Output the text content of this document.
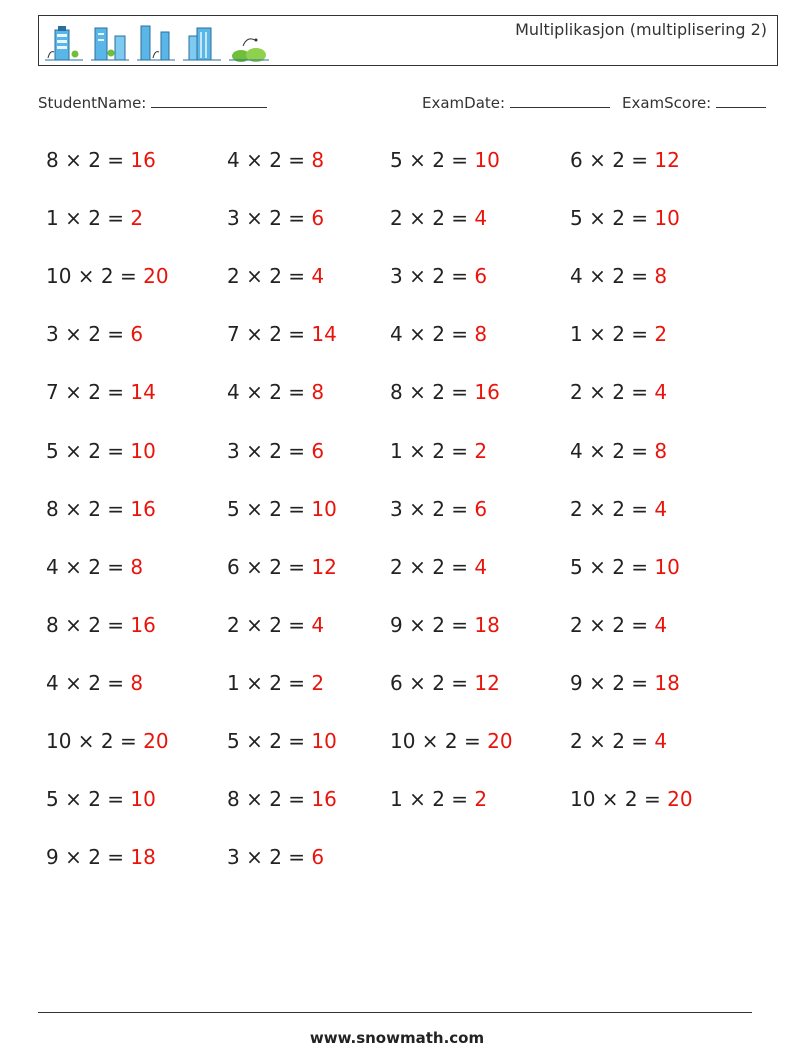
Multiplikasjon (multiplisering 2)
StudentName:	ExamDate:	ExamScore:
8 × 2 = 16	4 × 2 = 8	5 × 2 = 10	6 × 2 = 12
1 × 2 = 2	3 × 2 = 6	2 × 2 = 4	5 × 2 = 10
10 × 2 = 20	2 × 2 = 4	3 × 2 = 6	4 × 2 = 8
3 × 2 = 6	7 × 2 = 14	4 × 2 = 8	1 × 2 = 2
7 × 2 = 14	4 × 2 = 8	8 × 2 = 16	2 × 2 = 4
5 × 2 = 10	3 × 2 = 6	1 × 2 = 2	4 × 2 = 8
8 × 2 = 16	5 × 2 = 10	3 × 2 = 6	2 × 2 = 4
4 × 2 = 8	6 × 2 = 12	2 × 2 = 4	5 × 2 = 10
8 × 2 = 16	2 × 2 = 4	9 × 2 = 18	2 × 2 = 4
4 × 2 = 8	1 × 2 = 2	6 × 2 = 12	9 × 2 = 18
10 × 2 = 20	5 × 2 = 10	10 × 2 = 20	2 × 2 = 4
5 × 2 = 10	8 × 2 = 16	1 × 2 = 2	10 × 2 = 20
9 × 2 = 18	3 × 2 = 6
www.snowmath.com
